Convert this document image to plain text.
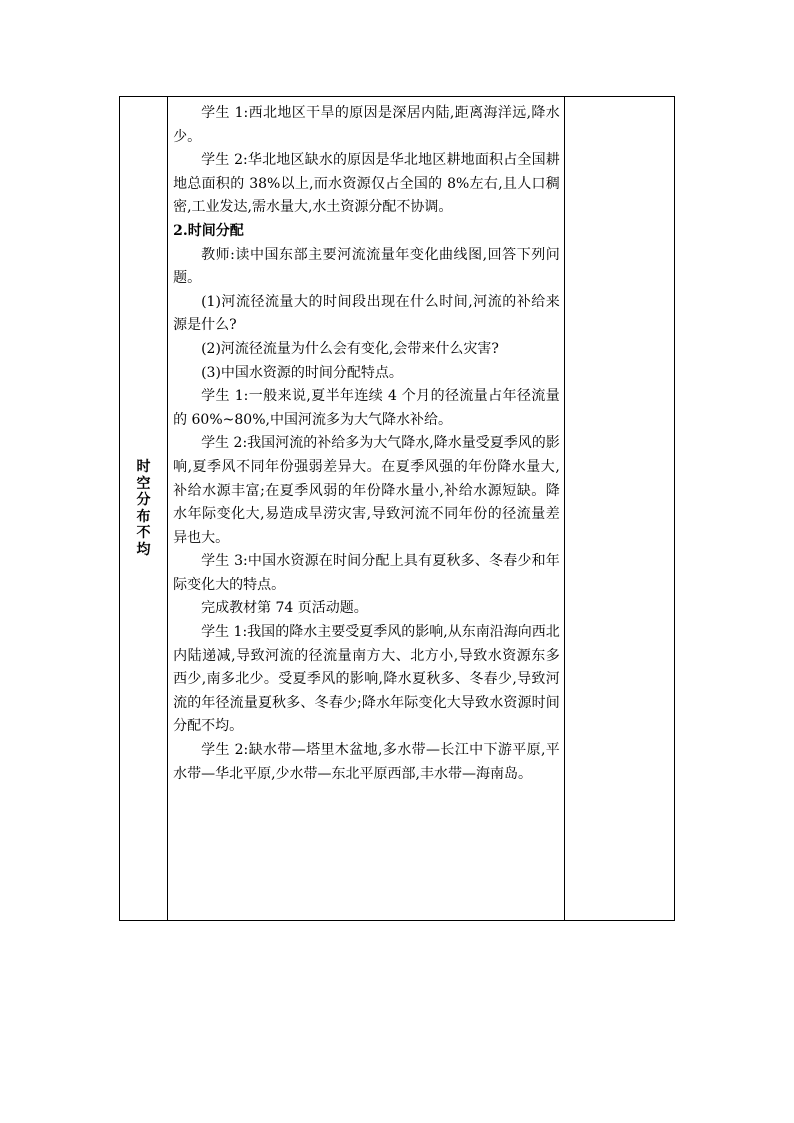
时空分布不均	

学生 1:西北地区干旱的原因是深居内陆,距离海洋远,降水少。

学生 2:华北地区缺水的原因是华北地区耕地面积占全国耕地总面积的 38%以上,而水资源仅占全国的 8%左右,且人口稠密,工业发达,需水量大,水土资源分配不协调。

2.时间分配

教师:读中国东部主要河流流量年变化曲线图,回答下列问题。

(1)河流径流量大的时间段出现在什么时间,河流的补给来源是什么?

(2)河流径流量为什么会有变化,会带来什么灾害?

(3)中国水资源的时间分配特点。

学生 1:一般来说,夏半年连续 4 个月的径流量占年径流量的 60%~80%,中国河流多为大气降水补给。

学生 2:我国河流的补给多为大气降水,降水量受夏季风的影响,夏季风不同年份强弱差异大。在夏季风强的年份降水量大,补给水源丰富;在夏季风弱的年份降水量小,补给水源短缺。降水年际变化大,易造成旱涝灾害,导致河流不同年份的径流量差异也大。

学生 3:中国水资源在时间分配上具有夏秋多、冬春少和年际变化大的特点。

完成教材第 74 页活动题。

学生 1:我国的降水主要受夏季风的影响,从东南沿海向西北内陆递减,导致河流的径流量南方大、北方小,导致水资源东多西少,南多北少。受夏季风的影响,降水夏秋多、冬春少,导致河流的年径流量夏秋多、冬春少;降水年际变化大导致水资源时间分配不均。

学生 2:缺水带—塔里木盆地,多水带—长江中下游平原,平水带—华北平原,少水带—东北平原西部,丰水带—海南岛。
